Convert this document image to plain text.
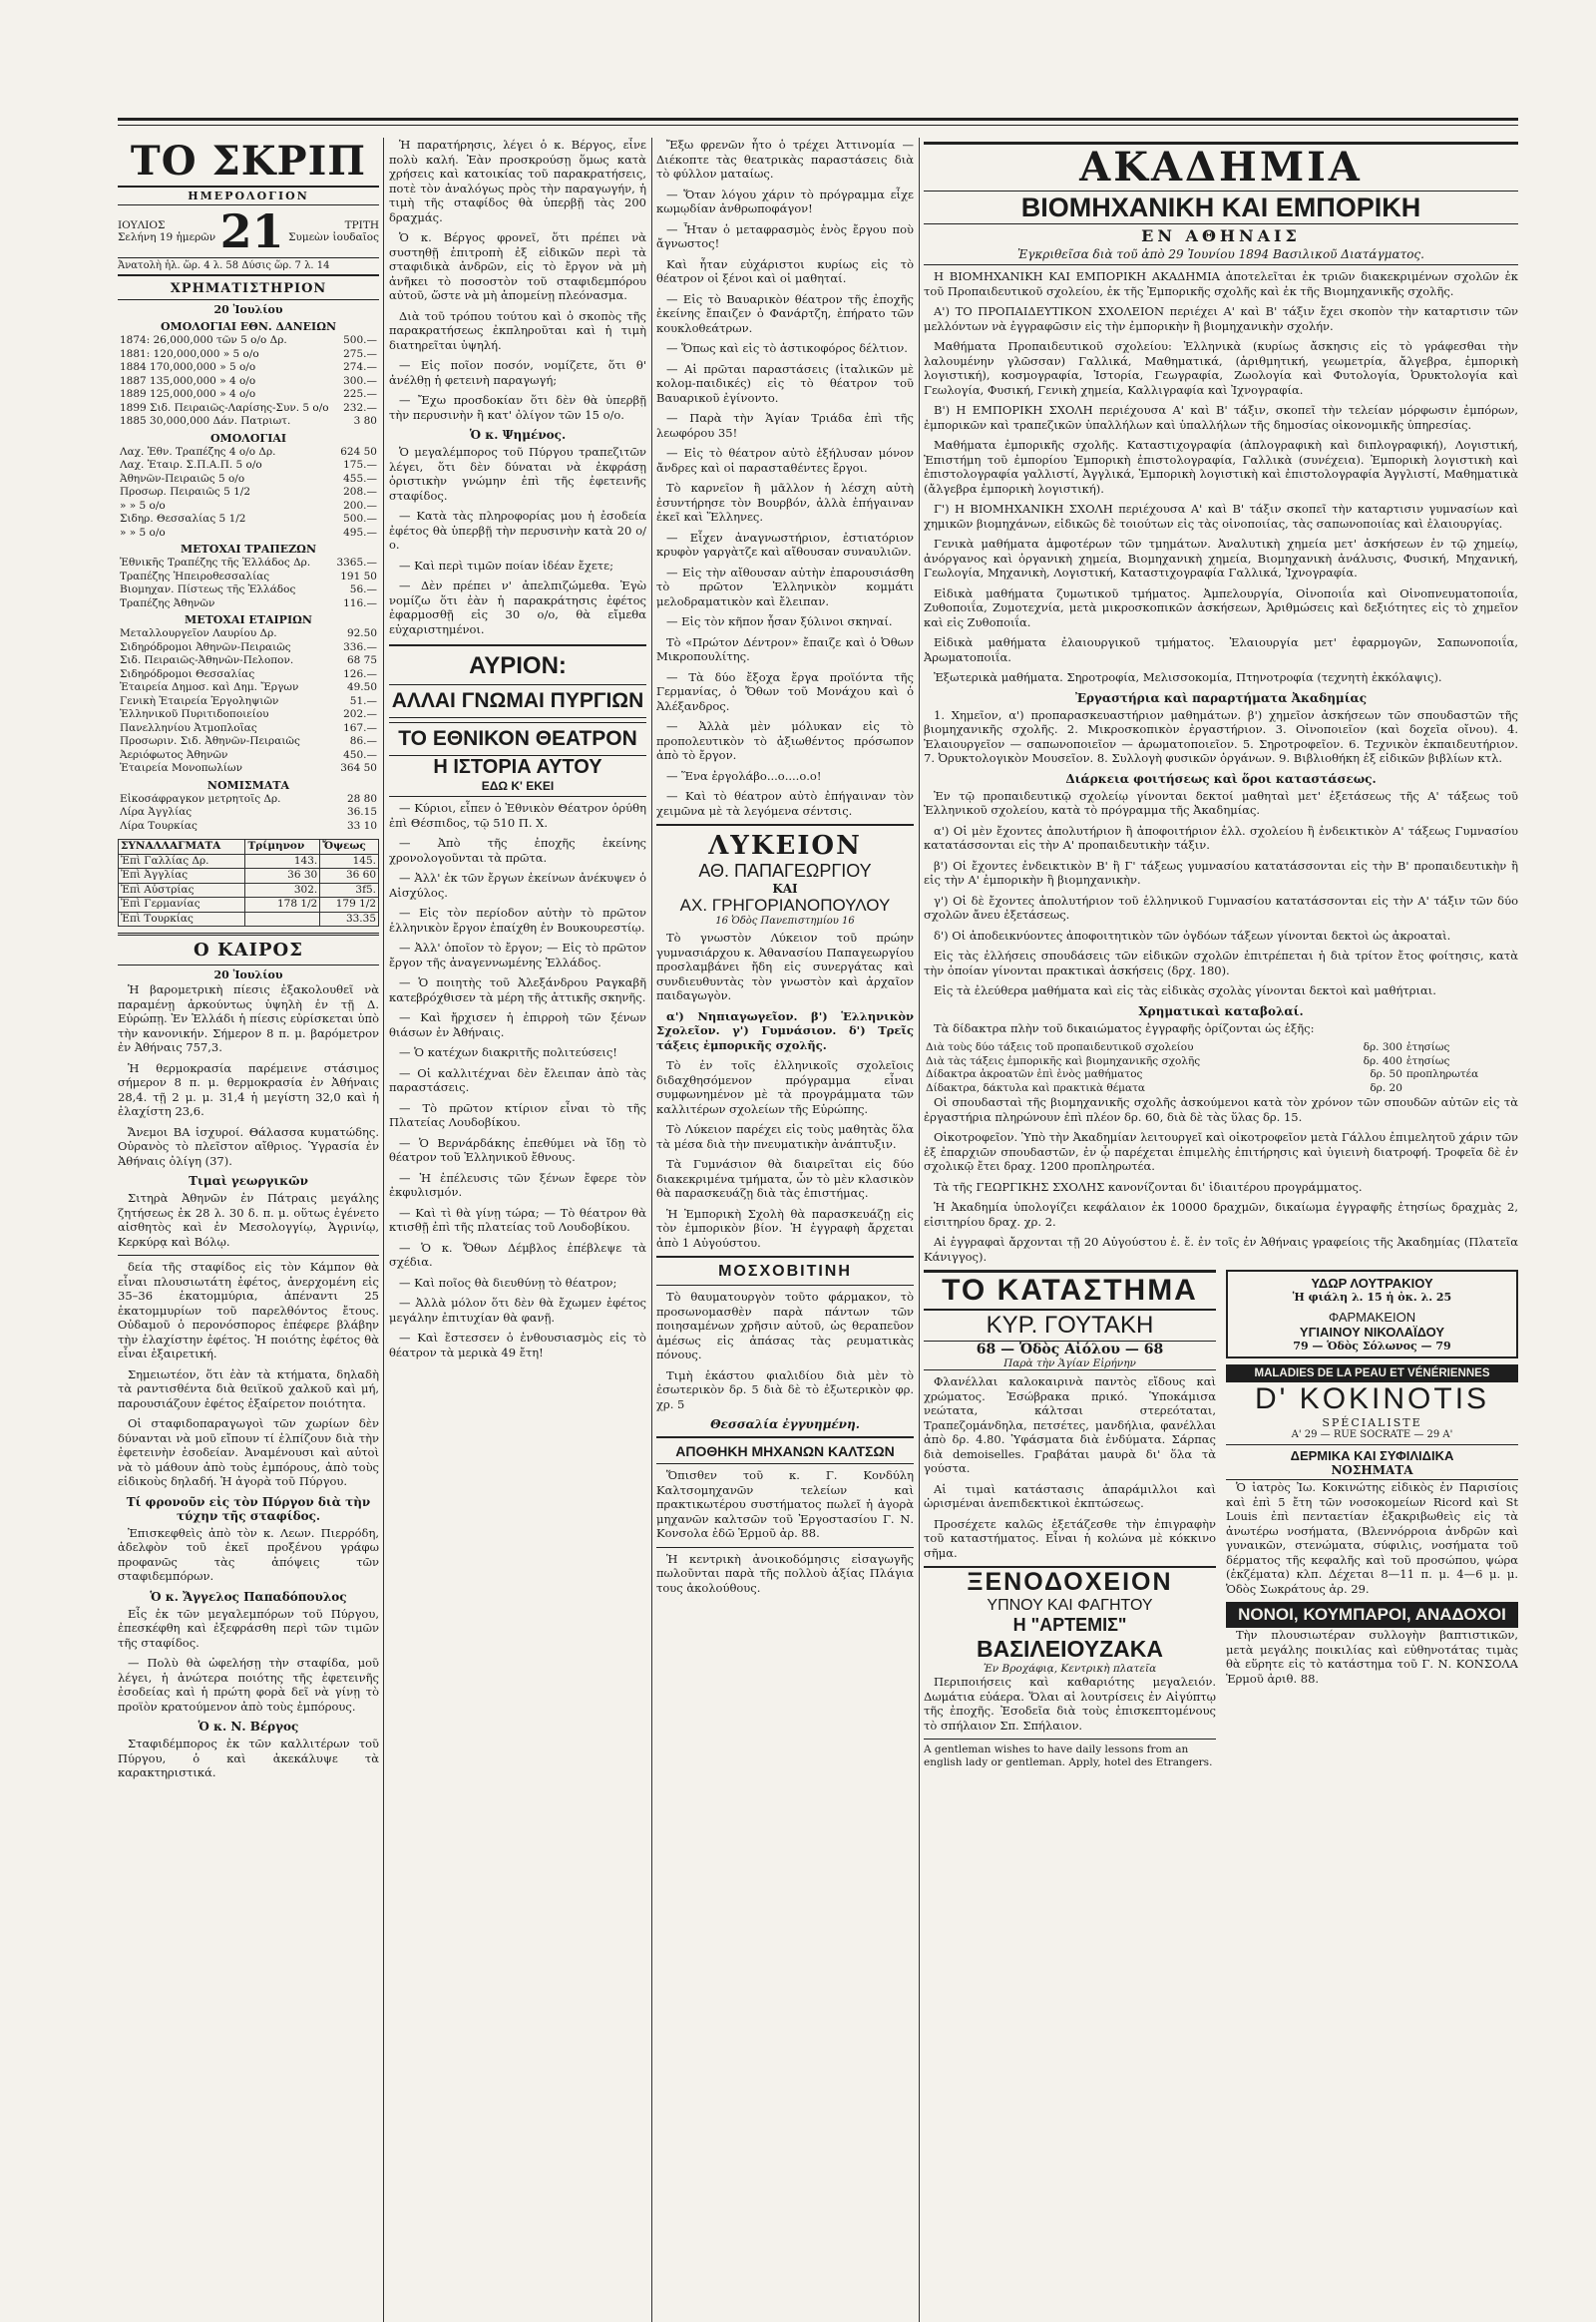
ΤΟ ΣΚΡΙΠ
ΗΜΕΡΟΛΟΓΙΟΝ
ΙΟΥΛΙΟΣ
Σελήνη 19 ἡμερῶν 21	ΤΡΙΤΗ
Συμεὼν ἰουδαῖος
Ἀνατολὴ ἡλ. ὥρ. 4 λ. 58 Δύσις ὥρ. 7 λ. 14
ΧΡΗΜΑΤΙΣΤΗΡΙΟΝ
20 Ἰουλίου
ΟΜΟΛΟΓΙΑΙ ΕΘΝ. ΔΑΝΕΙΩΝ
1874: 26,000,000 τῶν 5 ο/ο Δρ.	500.—
1881: 120,000,000 » 5 ο/ο	275.—
1884 170,000,000 » 5 ο/ο	274.—
1887 135,000,000 » 4 ο/ο	300.—
1889 125,000,000 » 4 ο/ο	225.—
1899 Σιδ. Πειραιῶς-Λαρίσης-Συν. 5 ο/ο	232.—
1885 30,000,000 Δάν. Πατριωτ.	3 80
ΟΜΟΛΟΓΙΑΙ
Λαχ. Ἐθν. Τραπέζης 4 ο/ο Δρ.	624 50
Λαχ. Ἐταιρ. Σ.Π.Α.Π. 5 ο/ο	175.—
Ἀθηνῶν-Πειραιῶς 5 ο/ο	455.—
Προσωρ. Πειραιῶς 5 1/2	208.—
» » 5 ο/ο	200.—
Σιδηρ. Θεσσαλίας 5 1/2	500.—
» » 5 ο/ο	495.—
ΜΕΤΟΧΑΙ ΤΡΑΠΕΖΩΝ
Ἐθνικῆς Τραπέζης τῆς Ἑλλάδος Δρ.	3365.—
Τραπέζης Ἠπειροθεσσαλίας	191 50
Βιομηχαν. Πίστεως τῆς Ἑλλάδος	56.—
Τραπέζης Ἀθηνῶν	116.—
ΜΕΤΟΧΑΙ ΕΤΑΙΡΙΩΝ
Μεταλλουργεῖον Λαυρίου Δρ.	92.50
Σιδηρόδρομοι Ἀθηνῶν-Πειραιῶς	336.—
Σιδ. Πειραιῶς-Ἀθηνῶν-Πελοπον.	68 75
Σιδηρόδρομοι Θεσσαλίας	126.—
Ἑταιρεία Δημοσ. καὶ Δημ. Ἔργων	49.50
Γενικὴ Ἑταιρεία Ἐργοληψιῶν	51.—
Ἑλληνικοῦ Πυριτιδοποιείου	202.—
Πανελληνίου Ἀτμοπλοΐας	167.—
Προσωριν. Σιδ. Ἀθηνῶν-Πειραιῶς	86.—
Ἀεριόφωτος Ἀθηνῶν	450.—
Ἑταιρεία Μονοπωλίων	364 50
ΝΟΜΙΣΜΑΤΑ
Εἰκοσάφραγκον μετρητοῖς Δρ.	28 80
Λίρα Ἀγγλίας	36.15
Λίρα Τουρκίας	33 10
ΣΥΝΑΛΛΑΓΜΑΤΑ	Τρίμηνον	Ὄψεως
Ἐπὶ Γαλλίας Δρ.	143.	145.
Ἐπὶ Ἀγγλίας	36 30	36 60
Ἐπὶ Αὐστρίας	302.	3f5.
Ἐπὶ Γερμανίας	178 1/2	179 1/2
Ἐπὶ Τουρκίας		33.35
Ο ΚΑΙΡΟΣ
20 Ἰουλίου

Ἡ βαρομετρικὴ πίεσις ἐξακολουθεῖ νὰ παραμένῃ ἀρκούντως ὑψηλὴ ἐν τῇ Δ. Εὐρώπῃ. Ἐν Ἑλλάδι ἡ πίεσις εὑρίσκεται ὑπὸ τὴν κανονικήν. Σήμερον 8 π. μ. βαρόμετρον ἐν Ἀθήναις 757,3.

Ἡ θερμοκρασία παρέμεινε στάσιμος σήμερον 8 π. μ. θερμοκρασία ἐν Ἀθήναις 28,4. τῇ 2 μ. μ. 31,4 ἡ μεγίστη 32,0 καὶ ἡ ἐλαχίστη 23,6.

Ἄνεμοι ΒΑ ἰσχυροί. Θάλασσα κυματώδης. Οὐρανὸς τὸ πλεῖστον αἴθριος. Ὑγρασία ἐν Ἀθήναις ὀλίγη (37).

Τιμαὶ γεωργικῶν

Σιτηρὰ Ἀθηνῶν ἐν Πάτραις μεγάλης ζητήσεως ἐκ 28 λ. 30 δ. π. μ. οὕτως ἐγένετο αἰσθητὸς καὶ ἐν Μεσολογγίῳ, Ἀγρινίῳ, Κερκύρᾳ καὶ Βόλῳ.

δεία τῆς σταφίδος εἰς τὸν Κάμπον θὰ εἶναι πλουσιωτάτη ἐφέτος, ἀνερχομένη εἰς 35–36 ἑκατομμύρια, ἀπέναντι 25 ἑκατομμυρίων τοῦ παρελθόντος ἔτους. Οὐδαμοῦ ὁ περονόσπορος ἐπέφερε βλάβην τὴν ἐλαχίστην ἐφέτος. Ἡ ποιότης ἐφέτος θὰ εἶναι ἐξαιρετική.

Σημειωτέον, ὅτι ἐὰν τὰ κτήματα, δηλαδὴ τὰ ραντισθέντα διὰ θειϊκοῦ χαλκοῦ καὶ μή, παρουσιάζουν ἐφέτος ἐξαίρετον ποιότητα.

Οἱ σταφιδοπαραγωγοὶ τῶν χωρίων δὲν δύνανται νὰ μοῦ εἴπουν τί ἐλπίζουν διὰ τὴν ἐφετεινὴν ἐσοδείαν. Ἀναμένουσι καὶ αὐτοὶ νὰ τὸ μάθουν ἀπὸ τοὺς ἐμπόρους, ἀπὸ τοὺς εἰδικοὺς δηλαδή. Ἡ ἀγορὰ τοῦ Πύργου.

Τί φρονοῦν εἰς τὸν Πύργον διὰ τὴν τύχην τῆς σταφίδος.

Ἐπισκεφθεὶς ἀπὸ τὸν κ. Λεων. Πιερρόδη, ἀδελφὸν τοῦ ἐκεῖ προξένου γράφω προφανῶς τὰς ἀπόψεις τῶν σταφιδεμπόρων.

Ὁ κ. Ἄγγελος Παπαδόπουλος

Εἷς ἐκ τῶν μεγαλεμπόρων τοῦ Πύργου, ἐπεσκέφθη καὶ ἐξεφράσθη περὶ τῶν τιμῶν τῆς σταφίδος.

— Πολὺ θὰ ὠφελήσῃ τὴν σταφίδα, μοῦ λέγει, ἡ ἀνώτερα ποιότης τῆς ἐφετεινῆς ἐσοδείας καὶ ἡ πρώτη φορὰ δεῖ νὰ γίνῃ τὸ προϊὸν κρατούμενον ἀπὸ τοὺς ἐμπόρους.

Ὁ κ. Ν. Βέργος

Σταφιδέμπορος ἐκ τῶν καλλιτέρων τοῦ Πύργου, ὁ καὶ ἀκεκάλυψε τὰ καρακτηριστικά.

Ἡ παρατήρησις, λέγει ὁ κ. Βέργος, εἶνε πολὺ καλή. Ἐὰν προσκρούσῃ ὅμως κατὰ χρήσεις καὶ κατοικίας τοῦ παρακρατήσεις, ποτὲ τὸν ἀναλόγως πρὸς τὴν παραγωγήν, ἡ τιμὴ τῆς σταφίδος θὰ ὑπερβῇ τὰς 200 δραχμάς.

Ὁ κ. Βέργος φρονεῖ, ὅτι πρέπει νὰ συστηθῇ ἐπιτροπὴ ἐξ εἰδικῶν περὶ τὰ σταφιδικὰ ἀνδρῶν, εἰς τὸ ἔργον νὰ μὴ ἀνῆκει τὸ ποσοστὸν τοῦ σταφιδεμπόρου αὐτοῦ, ὥστε νὰ μὴ ἀπομείνῃ πλεόνασμα.

Διὰ τοῦ τρόπου τούτου καὶ ὁ σκοπὸς τῆς παρακρατήσεως ἐκπληροῦται καὶ ἡ τιμὴ διατηρεῖται ὑψηλή.

— Εἰς ποῖον ποσόν, νομίζετε, ὅτι θ' ἀνέλθῃ ἡ φετεινὴ παραγωγή;

— Ἔχω προσδοκίαν ὅτι δὲν θὰ ὑπερβῇ τὴν περυσινὴν ἢ κατ' ὀλίγον τῶν 15 ο/ο.

Ὁ κ. Ψημένος.

Ὁ μεγαλέμπορος τοῦ Πύργου τραπεζιτῶν λέγει, ὅτι δὲν δύναται νὰ ἐκφράσῃ ὁριστικὴν γνώμην ἐπὶ τῆς ἐφετεινῆς σταφίδος.

— Κατὰ τὰς πληροφορίας μου ἡ ἐσοδεία ἐφέτος θὰ ὑπερβῇ τὴν περυσινὴν κατὰ 20 ο/ο.

— Καὶ περὶ τιμῶν ποίαν ἰδέαν ἔχετε;

— Δὲν πρέπει ν' ἀπελπιζώμεθα. Ἐγὼ νομίζω ὅτι ἐὰν ἡ παρακράτησις ἐφέτος ἐφαρμοσθῇ εἰς 30 ο/ο, θὰ εἴμεθα εὐχαριστημένοι.

ΑΥΡΙΟΝ:
ΑΛΛΑΙ ΓΝΩΜΑΙ ΠΥΡΓΙΩΝ
ΤΟ ΕΘΝΙΚΟΝ ΘΕΑΤΡΟΝ
Η ΙΣΤΟΡΙΑ ΑΥΤΟΥ
ΕΔΩ Κ' ΕΚΕΙ

— Κύριοι, εἶπεν ὁ Ἐθνικὸν Θέατρον ὁρύθη ἐπὶ Θέσπιδος, τῷ 510 Π. Χ.

— Ἀπὸ τῆς ἐποχῆς ἐκείνης χρονολογοῦνται τὰ πρῶτα.

— Ἀλλ' ἐκ τῶν ἔργων ἐκείνων ἀνέκυψεν ὁ Αἰσχύλος.

— Εἰς τὸν περίοδον αὐτὴν τὸ πρῶτον ἑλληνικὸν ἔργον ἐπαίχθη ἐν Βουκουρεστίῳ.

— Ἀλλ' ὁποῖον τὸ ἔργον; — Εἰς τὸ πρῶτον ἔργον τῆς ἀναγεννωμένης Ἑλλάδος.

— Ὁ ποιητὴς τοῦ Ἀλεξάνδρου Ραγκαβῆ κατεβρόχθισεν τὰ μέρη τῆς ἀττικῆς σκηνῆς.

— Καὶ ἤρχισεν ἡ ἐπιρροὴ τῶν ξένων θιάσων ἐν Ἀθήναις.

— Ὁ κατέχων διακριτῆς πολιτεύσεις!

— Οἱ καλλιτέχναι δὲν ἔλειπαν ἀπὸ τὰς παραστάσεις.

— Τὸ πρῶτον κτίριον εἶναι τὸ τῆς Πλατείας Λουδοβίκου.

— Ὁ Βερνάρδάκης ἐπεθύμει νὰ ἴδῃ τὸ θέατρον τοῦ Ἑλληνικοῦ ἔθνους.

— Ἡ ἐπέλευσις τῶν ξένων ἔφερε τὸν ἐκφυλισμόν.

— Καὶ τὶ θὰ γίνῃ τώρα; — Τὸ θέατρον θὰ κτισθῇ ἐπὶ τῆς πλατείας τοῦ Λουδοβίκου.

— Ὁ κ. Ὄθων Δέμβλος ἐπέβλεψε τὰ σχέδια.

— Καὶ ποῖος θὰ διευθύνῃ τὸ θέατρον;

— Ἀλλὰ μόλον ὅτι δὲν θὰ ἔχωμεν ἐφέτος μεγάλην ἐπιτυχίαν θὰ φανῇ.

— Καὶ ἔστεσσεν ὁ ἐνθουσιασμὸς εἰς τὸ θέατρον τὰ μερικὰ 49 ἔτη!

Ἔξω φρενῶν ἦτο ὁ τρέχει Ἀττινομία — Διέκοπτε τὰς θεατρικὰς παραστάσεις διὰ τὸ φύλλον ματαίως.

— Ὅταν λόγου χάριν τὸ πρόγραμμα εἶχε κωμῳδίαν ἀνθρωποφάγον!

— Ἦταν ὁ μεταφρασμὸς ἐνὸς ἔργου ποὺ ἄγνωστος!

Καὶ ἦταν εὐχάριστοι κυρίως εἰς τὸ θέατρον οἱ ξένοι καὶ οἱ μαθηταί.

— Εἰς τὸ Βαυαρικὸν θέατρον τῆς ἐποχῆς ἐκείνης ἔπαιζεν ὁ Φανάρτζη, ἐπήρατο τῶν κουκλοθεάτρων.

— Ὅπως καὶ εἰς τὸ ἀστικοφόρος δέλτιον.

— Αἱ πρῶται παραστάσεις (ἰταλικῶν μὲ κολομ-παιδικές) εἰς τὸ θέατρον τοῦ Βαυαρικοῦ ἐγίνοντο.

— Παρὰ τὴν Ἁγίαν Τριάδα ἐπὶ τῆς λεωφόρου 35!

— Εἰς τὸ θέατρον αὐτὸ ἐξήλυσαν μόνον ἄνδρες καὶ οἱ παρασταθέντες ἔργοι.

Τὸ καρνεῖον ἢ μᾶλλον ἡ λέσχη αὐτὴ ἐσυντήρησε τὸν Βουρβόν, ἀλλὰ ἐπήγαιναν ἐκεῖ καὶ Ἕλληνες.

— Εἶχεν ἀναγνωστήριον, ἐστιατόριον κρυφὸν γαργὰτζε καὶ αἴθουσαν συναυλιῶν.

— Εἰς τὴν αἴθουσαν αὐτὴν ἐπαρουσιάσθη τὸ πρῶτον Ἑλληνικὸν κομμάτι μελοδραματικὸν καὶ ἔλειπαν.

— Εἰς τὸν κῆπον ἦσαν ξύλινοι σκηναί.

Τὸ «Πρώτον Δέντρον» ἔπαιζε καὶ ὁ Ὀθων Μικροπουλίτης.

— Τὰ δύο ἔξοχα ἔργα προϊόντα τῆς Γερμανίας, ὁ Ὄθων τοῦ Μονάχου καὶ ὁ Ἀλέξανδρος.

— Ἀλλὰ μὲν μόλυκαν εἰς τὸ προπολευτικὸν τὸ ἀξιωθέντος πρόσωπον ἀπὸ τὸ ἔργον.

— Ἕνα ἐργολάβο...ο....ο.ο!

— Καὶ τὸ θέατρον αὐτὸ ἐπήγαιναν τὸν χειμῶνα μὲ τὰ λεγόμενα σέντσις.

ΛΥΚΕΙΟΝ
ΑΘ. ΠΑΠΑΓΕΩΡΓΙΟΥ
ΚΑΙ
ΑΧ. ΓΡΗΓΟΡΙΑΝΟΠΟΥΛΟΥ
16 Ὁδὸς Πανεπιστημίου 16

Τὸ γνωστὸν Λύκειον τοῦ πρώην γυμνασιάρχου κ. Ἀθανασίου Παπαγεωργίου προσλαμβάνει ἤδη εἰς συνεργάτας καὶ συνδιευθυντὰς τὸν γνωστὸν καὶ ἀρχαῖον παιδαγωγὸν.

α') Νηπιαγωγεῖον. β') Ἑλληνικὸν Σχολεῖον. γ') Γυμνάσιον. δ') Τρεῖς τάξεις ἐμπορικῆς σχολῆς.

Τὸ ἐν τοῖς ἐλληνικοῖς σχολεῖοις διδαχθησόμενον πρόγραμμα εἶναι συμφωνημένον μὲ τὰ προγράμματα τῶν καλλιτέρων σχολείων τῆς Εὐρώπης.

Τὸ Λύκειον παρέχει εἰς τοὺς μαθητὰς ὅλα τὰ μέσα διὰ τὴν πνευματικὴν ἀνάπτυξιν.

Τὰ Γυμνάσιον θὰ διαιρεῖται εἰς δύο διακεκριμένα τμήματα, ὧν τὸ μὲν κλασικὸν θὰ παρασκευάζῃ διὰ τὰς ἐπιστήμας.

Ἡ Ἐμπορικὴ Σχολὴ θὰ παρασκευάζῃ εἰς τὸν ἐμπορικὸν βίον. Ἡ ἐγγραφὴ ἄρχεται ἀπὸ 1 Αὐγούστου.

ΜΟΣΧΟΒΙΤΙΝΗ

Τὸ θαυματουργὸν τοῦτο φάρμακον, τὸ προσωνομασθὲν παρὰ πάντων τῶν ποιησαμένων χρῆσιν αὐτοῦ, ὡς θεραπεῦον ἀμέσως εἰς ἁπάσας τὰς ρευματικὰς πόνους.

Τιμὴ ἑκάστου φιαλιδίου διὰ μὲν τὸ ἐσωτερικὸν δρ. 5 διὰ δὲ τὸ ἐξωτερικὸν φρ. χρ. 5

Θεσσαλία ἐγγυημένη.
ΑΠΟΘΗΚΗ ΜΗΧΑΝΩΝ ΚΑΛΤΣΩΝ

Ὅπισθεν τοῦ κ. Γ. Κονδύλη Καλτσομηχανῶν τελείων καὶ πρακτικωτέρου συστήματος πωλεῖ ἡ ἀγορὰ μηχανῶν καλτσῶν τοῦ Ἐργοστασίου Γ. Ν. Κονσολα ἐδῶ Ἑρμοῦ ἀρ. 88.

Ἡ κεντρικὴ ἀνοικοδόμησις εἰσαγωγῆς πωλοῦνται παρὰ τῆς πολλοὺ ἀξίας Πλάγια τους ἀκολούθους.

ΑΚΑΔΗΜΙΑ
ΒΙΟΜΗΧΑΝΙΚΗ ΚΑΙ ΕΜΠΟΡΙΚΗ
ΕΝ ΑΘΗΝΑΙΣ
Ἐγκριθεῖσα διὰ τοῦ ἀπὸ 29 Ἰουνίου 1894 Βασιλικοῦ Διατάγματος.

Η ΒΙΟΜΗΧΑΝΙΚΗ ΚΑΙ ΕΜΠΟΡΙΚΗ ΑΚΑΔΗΜΙΑ ἀποτελεῖται ἐκ τριῶν διακεκριμένων σχολῶν ἐκ τοῦ Προπαιδευτικοῦ σχολείου, ἐκ τῆς Ἐμπορικῆς σχολῆς καὶ ἐκ τῆς Βιομηχανικῆς σχολῆς.

Α') ΤΟ ΠΡΟΠΑΙΔΕΥΤΙΚΟΝ ΣΧΟΛΕΙΟΝ περιέχει Α' καὶ Β' τάξιν ἔχει σκοπὸν τὴν καταρτισιν τῶν μελλόντων νὰ ἐγγραφῶσιν εἰς τὴν ἐμπορικὴν ἢ βιομηχανικὴν σχολήν.

Μαθήματα Προπαιδευτικοῦ σχολείου: Ἑλληνικὰ (κυρίως ἄσκησις εἰς τὸ γράφεσθαι τὴν λαλουμένην γλῶσσαν) Γαλλικά, Μαθηματικά, (ἀριθμητική, γεωμετρία, ἄλγεβρα, ἐμπορικὴ λογιστική), κοσμογραφία, Ἱστορία, Γεωγραφία, Ζωολογία καὶ Φυτολογία, Ὀρυκτολογία καὶ Γεωλογία, Φυσική, Γενικὴ χημεία, Καλλιγραφία καὶ Ἰχνογραφία.

Β') Η ΕΜΠΟΡΙΚΗ ΣΧΟΛΗ περιέχουσα Α' καὶ Β' τάξιν, σκοπεῖ τὴν τελείαν μόρφωσιν ἐμπόρων, ἐμπορικῶν καὶ τραπεζικῶν ὑπαλλήλων καὶ ὑπαλλήλων τῆς δημοσίας οἰκονομικῆς ὑπηρεσίας.

Μαθήματα ἐμπορικῆς σχολῆς. Καταστιχογραφία (ἀπλογραφικὴ καὶ διπλογραφική), Λογιστική, Ἐπιστήμη τοῦ ἐμπορίου Ἐμπορικὴ ἐπιστολογραφία, Γαλλικὰ (συνέχεια). Ἐμπορικὴ λογιστικὴ καὶ ἐπιστολογραφία γαλλιστί, Ἀγγλικά, Ἐμπορικὴ λογιστικὴ καὶ ἐπιστολογραφία Ἀγγλιστί, Μαθηματικὰ (ἄλγεβρα ἐμπορικὴ λογιστική).

Γ') Η ΒΙΟΜΗΧΑΝΙΚΗ ΣΧΟΛΗ περιέχουσα Α' καὶ Β' τάξιν σκοπεῖ τὴν καταρτισιν γυμνασίων καὶ χημικῶν βιομηχάνων, εἰδικῶς δὲ τοιούτων εἰς τὰς οἰνοποιίας, τὰς σαπωνοποιίας καὶ ἐλαιουργίας.

Γενικὰ μαθήματα ἀμφοτέρων τῶν τμημάτων. Ἀναλυτικὴ χημεία μετ' ἀσκήσεων ἐν τῷ χημείῳ, ἀνόργανος καὶ ὀργανικὴ χημεία, Βιομηχανικὴ χημεία, Βιομηχανικὴ ἀνάλυσις, Φυσική, Μηχανική, Γεωλογία, Μηχανικὴ, Λογιστική, Καταστιχογραφία Γαλλικά, Ἰχνογραφία.

Εἰδικὰ μαθήματα ζυμωτικοῦ τμήματος. Ἀμπελουργία, Οἰνοποιΐα καὶ Οἰνοπνευματοποιΐα, Ζυθοποιΐα, Ζυμοτεχνία, μετὰ μικροσκοπικῶν ἀσκήσεων, Ἀριθμώσεις καὶ δεξιότητες εἰς τὸ χημεῖον καὶ εἰς Ζυθοποιΐα.

Εἰδικὰ μαθήματα ἐλαιουργικοῦ τμήματος. Ἐλαιουργία μετ' ἐφαρμογῶν, Σαπωνοποιΐα, Ἀρωματοποιΐα.

Ἐξωτερικὰ μαθήματα. Σηροτροφία, Μελισσοκομία, Πτηνοτροφία (τεχνητὴ ἐκκόλαψις).

Ἐργαστήρια καὶ παραρτήματα Ἀκαδημίας

1. Χημεῖον, α') προπαρασκευαστήριον μαθημάτων. β') χημεῖον ἀσκήσεων τῶν σπουδαστῶν τῆς βιομηχανικῆς σχολῆς. 2. Μικροσκοπικὸν ἐργαστήριον. 3. Οἰνοποιεῖον (καὶ δοχεῖα οἴνου). 4. Ἐλαιουργεῖον — σαπωνοποιεῖον — ἀρωματοποιεῖον. 5. Σηροτροφεῖον. 6. Τεχνικὸν ἐκπαιδευτήριον. 7. Ὀρυκτολογικὸν Μουσεῖον. 8. Συλλογὴ φυσικῶν ὀργάνων. 9. Βιβλιοθήκη ἐξ εἰδικῶν βιβλίων κτλ.

Διάρκεια φοιτήσεως καὶ ὅροι καταστάσεως.

Ἐν τῷ προπαιδευτικῷ σχολείῳ γίνονται δεκτοί μαθηταὶ μετ' ἐξετάσεως τῆς Α' τάξεως τοῦ Ἑλληνικοῦ σχολείου, κατὰ τὸ πρόγραμμα τῆς Ἀκαδημίας.

α') Οἱ μὲν ἔχοντες ἀπολυτήριον ἢ ἀποφοιτήριον ἑλλ. σχολείου ἢ ἐνδεικτικὸν Α' τάξεως Γυμνασίου κατατάσσονται εἰς τὴν Α' προπαιδευτικὴν τάξιν.

β') Οἱ ἔχοντες ἐνδεικτικὸν Β' ἢ Γ' τάξεως γυμνασίου κατατάσσονται εἰς τὴν Β' προπαιδευτικὴν ἢ εἰς τὴν Α' ἐμπορικὴν ἢ βιομηχανικὴν.

γ') Οἱ δὲ ἔχοντες ἀπολυτήριον τοῦ ἑλληνικοῦ Γυμνασίου κατατάσσονται εἰς τὴν Α' τάξιν τῶν δύο σχολῶν ἄνευ ἐξετάσεως.

δ') Οἱ ἀποδεικνύοντες ἀποφοιτητικὸν τῶν ὀγδόων τάξεων γίνονται δεκτοὶ ὡς ἀκροαταὶ.

Εἰς τὰς ἐλλήσεις σπουδάσεις τῶν εἰδικῶν σχολῶν ἐπιτρέπεται ἡ διὰ τρίτον ἔτος φοίτησις, κατὰ τὴν ὁποίαν γίνονται πρακτικαὶ ἀσκήσεις (δρχ. 180).

Εἰς τὰ ἐλεύθερα μαθήματα καὶ εἰς τὰς εἰδικὰς σχολὰς γίνονται δεκτοὶ καὶ μαθήτριαι.

Χρηματικαὶ καταβολαί.

Τὰ δίδακτρα πλὴν τοῦ δικαιώματος ἐγγραφῆς ὁρίζονται ὡς ἑξῆς:

Διὰ τοὺς δύο τάξεις τοῦ προπαιδευτικοῦ σχολείου	δρ. 300	ἐτησίως
Διὰ τὰς τάξεις ἐμπορικῆς καὶ βιομηχανικῆς σχολῆς	δρ. 400	ἐτησίως
Δίδακτρα ἀκροατῶν ἐπὶ ἑνὸς μαθήματος	δρ. 50	προπληρωτέα
Δίδακτρα, δάκτυλα καὶ πρακτικὰ θέματα	δρ. 20	

Οἱ σπουδασταὶ τῆς βιομηχανικῆς σχολῆς ἀσκούμενοι κατὰ τὸν χρόνον τῶν σπουδῶν αὐτῶν εἰς τὰ ἐργαστήρια πληρώνουν ἐπὶ πλέον δρ. 60, διὰ δὲ τὰς ὕλας δρ. 15.

Οἰκοτροφεῖον. Ὑπὸ τὴν Ἀκαδημίαν λειτουργεῖ καὶ οἰκοτροφεῖον μετὰ Γάλλου ἐπιμελητοῦ χάριν τῶν ἐξ ἐπαρχιῶν σπουδαστῶν, ἐν ᾧ παρέχεται ἐπιμελὴς ἐπιτήρησις καὶ ὑγιεινὴ διατροφή. Τροφεῖα δὲ ἐν σχολικῷ ἔτει δραχ. 1200 προπληρωτέα.

Τὰ τῆς ΓΕΩΡΓΙΚΗΣ ΣΧΟΛΗΣ κανονίζονται δι' ἰδιαιτέρου προγράμματος.

Ἡ Ἀκαδημία ὑπολογίζει κεφάλαιον ἐκ 10000 δραχμῶν, δικαίωμα ἐγγραφῆς ἐτησίως δραχμὰς 2, εἰσιτηρίου δραχ. χρ. 2.

Αἱ ἐγγραφαὶ ἄρχονται τῇ 20 Αὐγούστου ἐ. ἔ. ἐν τοῖς ἐν Ἀθήναις γραφείοις τῆς Ἀκαδημίας (Πλατεῖα Κάνιγγος).

ΤΟ ΚΑΤΑΣΤΗΜΑ
ΚΥΡ. ΓΟΥΤΑΚΗ
68 — Ὁδὸς Αἰόλου — 68
Παρὰ τὴν Ἁγίαν Εἰρήνην

Φλανέλλαι καλοκαιρινὰ παντὸς εἴδους καὶ χρώματος. Ἐσώβρακα πρικό. Ὑποκάμισα νεώτατα, κάλτσαι στερεόταται, Τραπεζομάνδηλα, πετσέτες, μανδήλια, φανέλλαι ἀπὸ δρ. 4.80. Ὑφάσματα διὰ ἐνδύματα. Σάρπας διὰ demoiselles. Γραβάται μαυρὰ δι' ὅλα τὰ γούστα.

Αἱ τιμαὶ κατάστασις ἀπαράμιλλοι καὶ ὡρισμέναι ἀνεπιδεκτικοὶ ἐκπτώσεως.

Προσέχετε καλῶς ἐξετάζεσθε τὴν ἐπιγραφὴν τοῦ καταστήματος. Εἶναι ἡ κολώνα μὲ κόκκινο σῆμα.

ΞΕΝΟΔΟΧΕΙΟΝ
ΥΠΝΟΥ ΚΑΙ ΦΑΓΗΤΟΥ
Η "ΑΡΤΕΜΙΣ"
ΒΑΣΙΛΕΙΟΥΖΑΚΑ
Ἐν Βροχάφιᾳ, Κεντρικὴ πλατεῖα

Περιποιήσεις καὶ καθαριότης μεγαλειόν. Δωμάτια εὐάερα. Ὅλαι αἱ λουτρίσεις ἐν Αἰγύπτῳ τῆς ἐποχῆς. Ἐσοδεῖα διὰ τοὺς ἐπισκεπτομένους τὸ σπήλαιον Σπ. Σπήλαιον.

A gentleman wishes to have daily lessons from an english lady or gentleman. Apply, hotel des Etrangers.
ΥΔΩΡ ΛΟΥΤΡΑΚΙΟΥ
Ἡ φιάλη λ. 15 ἡ ὀκ. λ. 25
ΦΑΡΜΑΚΕΙΟΝ
ΥΓΙΑΙΝΟΥ ΝΙΚΟΛΑΪΔΟΥ
79 — Ὁδὸς Σόλωνος — 79
MALADIES DE LA PEAU ET VÉNÉRIENNES
D' KOKINOTIS
SPÉCIALISTE
A' 29 — RUE SOCRATE — 29 A'
ΔΕΡΜΙΚΑ ΚΑΙ ΣΥΦΙΛΙΔΙΚΑ
ΝΟΣΗΜΑΤΑ

Ὁ ἰατρὸς Ἰω. Κοκινώτης εἰδικὸς ἐν Παρισίοις καὶ ἐπὶ 5 ἔτη τῶν νοσοκομείων Ricord καὶ St Louis ἐπὶ πενταετίαν ἐξακριβωθεὶς εἰς τὰ ἀνωτέρω νοσήματα, (Βλεννόρροια ἀνδρῶν καὶ γυναικῶν, στενώματα, σύφιλις, νοσήματα τοῦ δέρματος τῆς κεφαλῆς καὶ τοῦ προσώπου, ψώρα (ἐκζέματα) κλπ. Δέχεται 8—11 π. μ. 4—6 μ. μ. Ὁδὸς Σωκράτους ἀρ. 29.

ΝΟΝΟΙ, ΚΟΥΜΠΑΡΟΙ, ΑΝΑΔΟΧΟΙ

Τὴν πλουσιωτέραν συλλογὴν βαπτιστικῶν, μετὰ μεγάλης ποικιλίας καὶ εὐθηνοτάτας τιμὰς θὰ εὕρητε εἰς τὸ κατάστημα τοῦ Γ. Ν. ΚΟΝΣΟΛΑ Ἑρμοῦ ἀριθ. 88.
